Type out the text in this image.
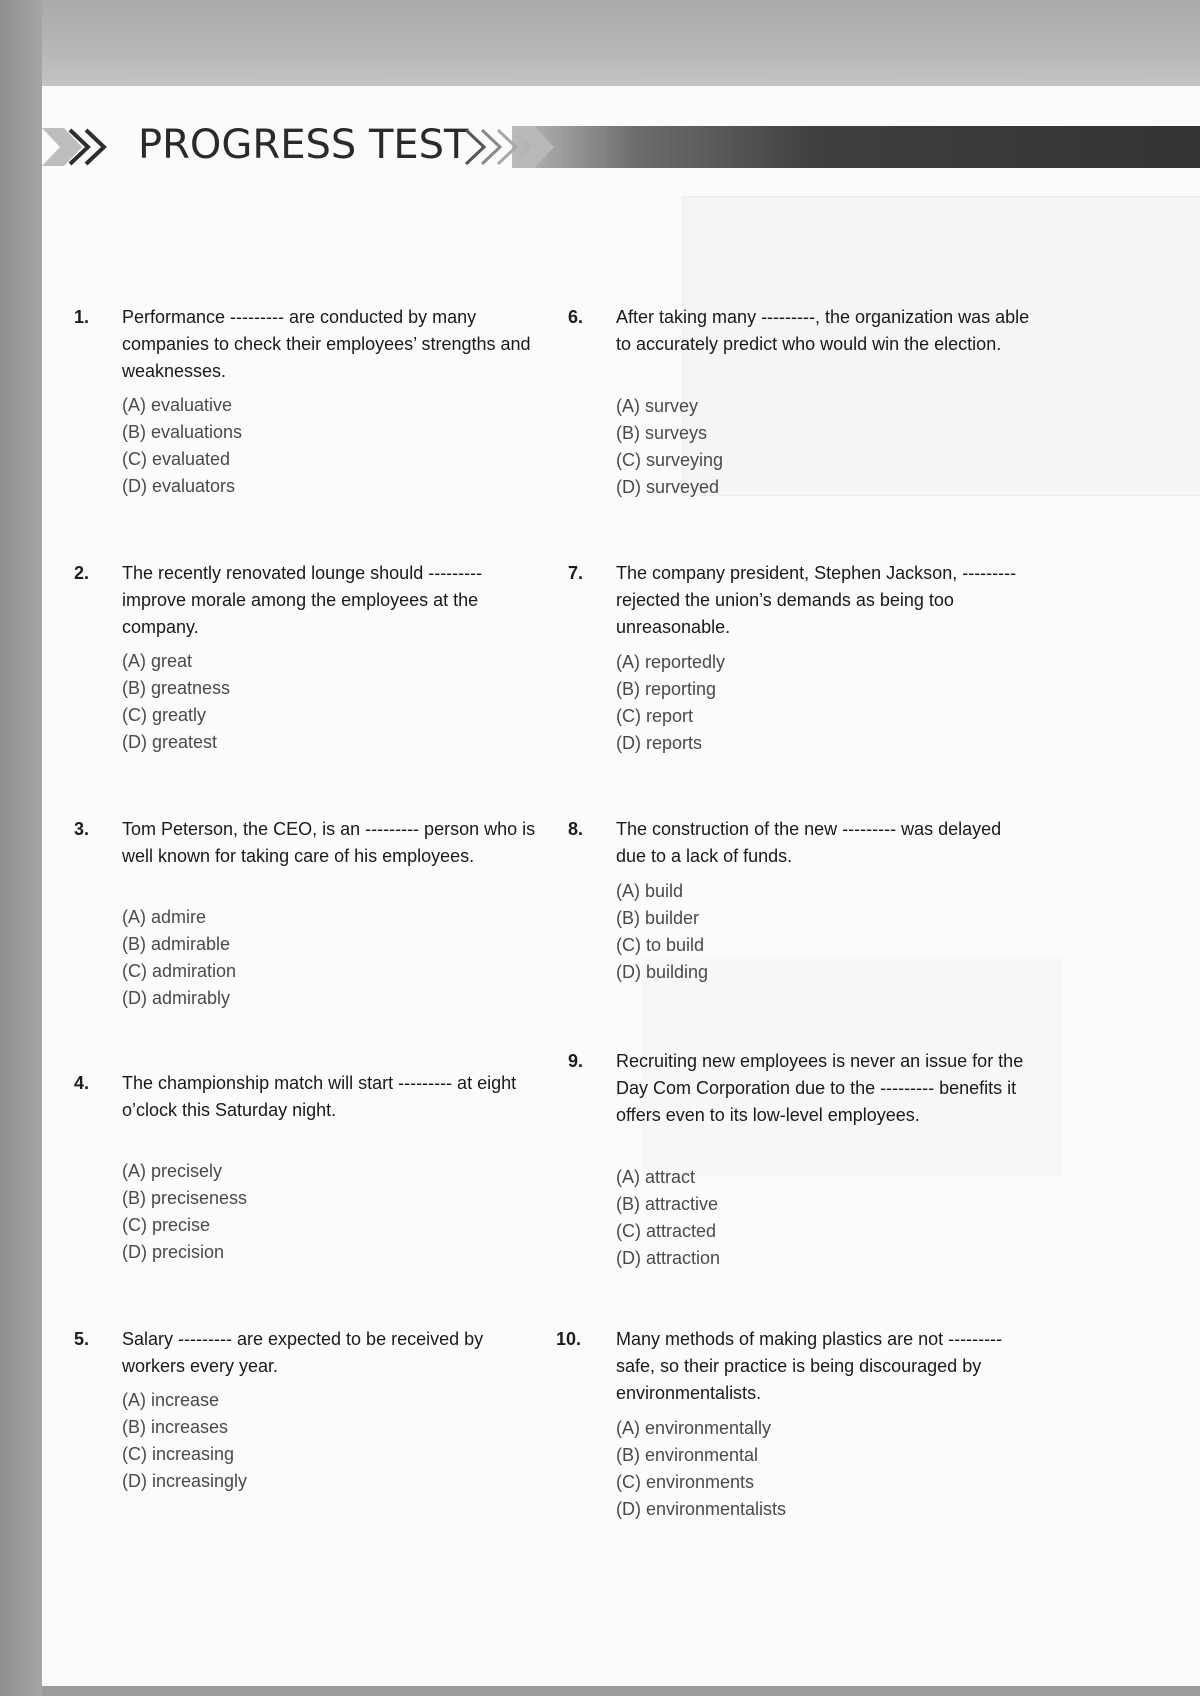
PROGRESS TEST
1.	Performance --------- are conducted by many companies to check their employees’ strengths and weaknesses.
(A) evaluative
(B) evaluations
(C) evaluated
(D) evaluators
2.	The recently renovated lounge should --------- improve morale among the employees at the company.
(A) great
(B) greatness
(C) greatly
(D) greatest
3.	Tom Peterson, the CEO, is an --------- person who is well known for taking care of his employees.
(A) admire
(B) admirable
(C) admiration
(D) admirably
4.	The championship match will start --------- at eight o’clock this Saturday night.
(A) precisely
(B) preciseness
(C) precise
(D) precision
5.	Salary --------- are expected to be received by workers every year.
(A) increase
(B) increases
(C) increasing
(D) increasingly
6.	After taking many ---------, the organization was able to accurately predict who would win the election.
(A) survey
(B) surveys
(C) surveying
(D) surveyed
7.	The company president, Stephen Jackson, --------- rejected the union’s demands as being too unreasonable.
(A) reportedly
(B) reporting
(C) report
(D) reports
8.	The construction of the new --------- was delayed due to a lack of funds.
(A) build
(B) builder
(C) to build
(D) building
9.	Recruiting new employees is never an issue for the Day Com Corporation due to the --------- benefits it offers even to its low-level employees.
(A) attract
(B) attractive
(C) attracted
(D) attraction
10.	Many methods of making plastics are not --------- safe, so their practice is being discouraged by environmentalists.
(A) environmentally
(B) environmental
(C) environments
(D) environmentalists
